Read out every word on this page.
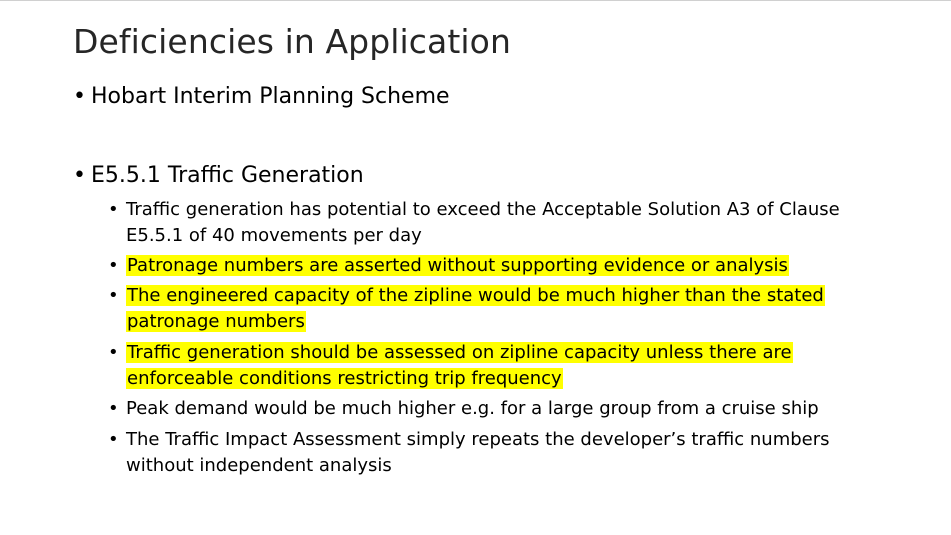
Deficiencies in Application
• Hobart Interim Planning Scheme
• E5.5.1 Traffic Generation
• Traffic generation has potential to exceed the Acceptable Solution A3 of Clause E5.5.1 of 40 movements per day
• Patronage numbers are asserted without supporting evidence or analysis
• The engineered capacity of the zipline would be much higher than the stated patronage numbers
• Traffic generation should be assessed on zipline capacity unless there are enforceable conditions restricting trip frequency
• Peak demand would be much higher e.g. for a large group from a cruise ship
• The Traffic Impact Assessment simply repeats the developer’s traffic numbers without independent analysis
